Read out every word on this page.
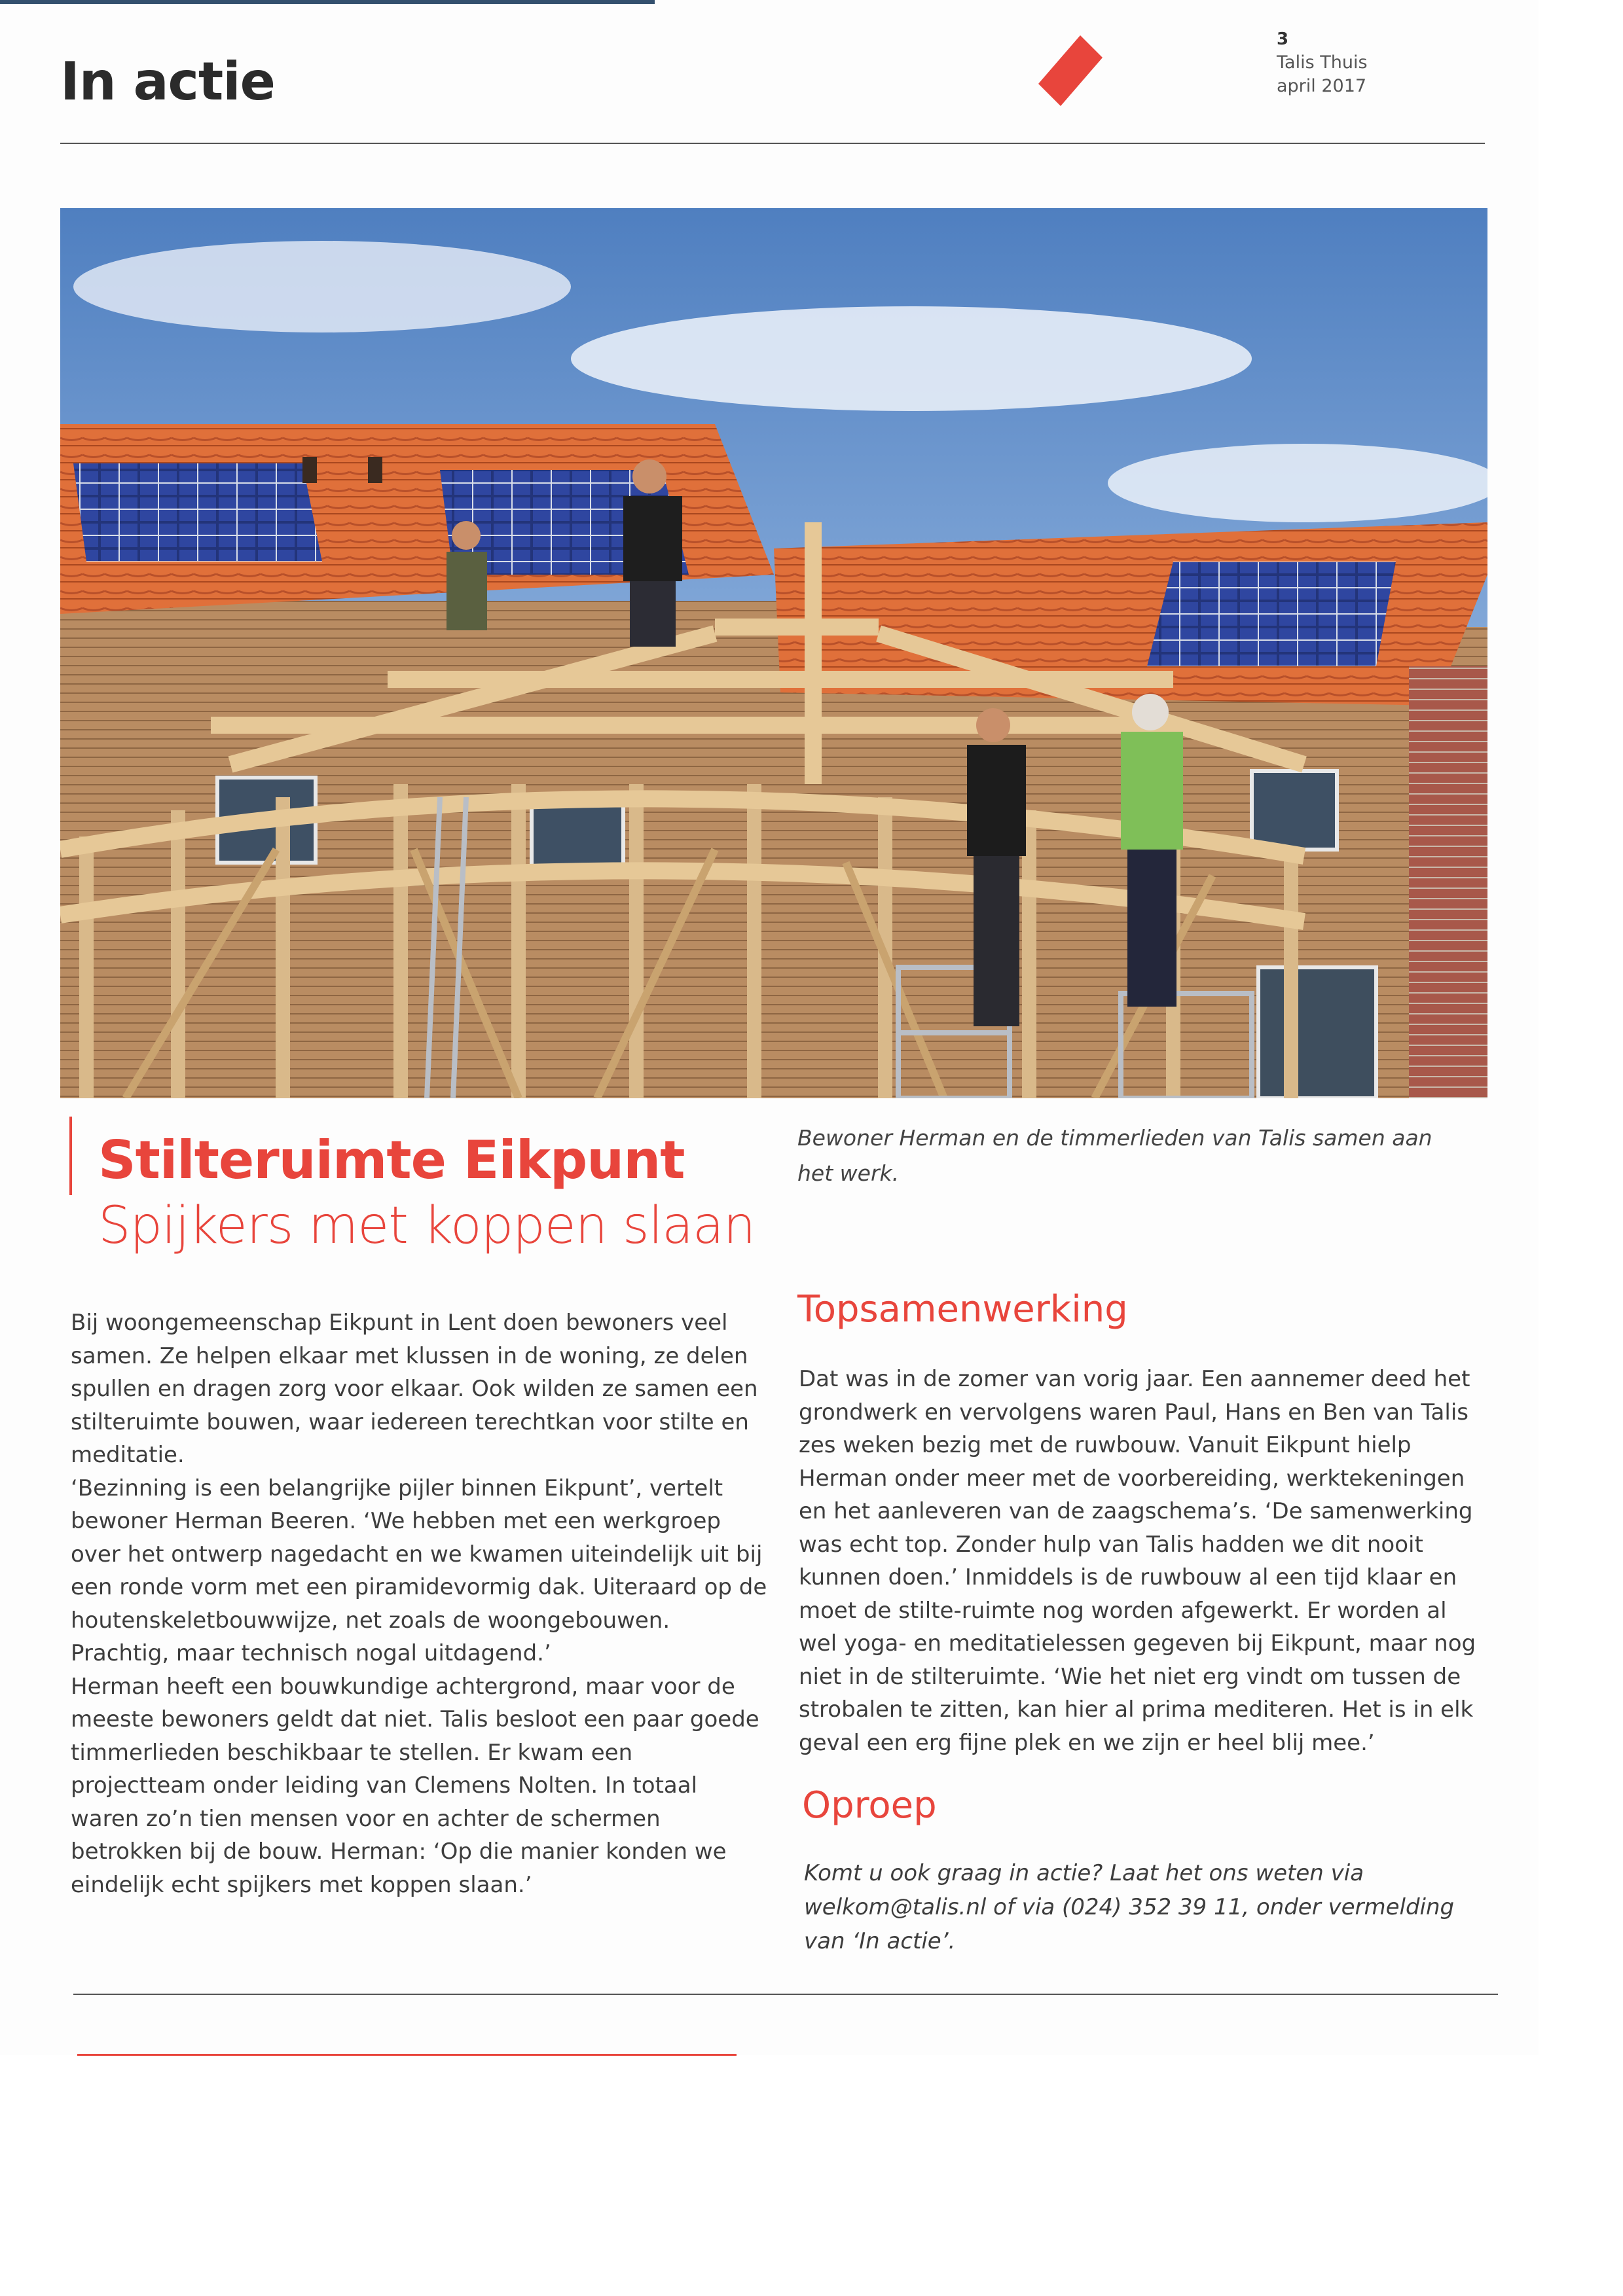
In actie
3
Talis Thuis
april 2017
Stilteruimte Eikpunt
Spijkers met koppen slaan
Bewoner Herman en de timmerlieden van Talis samen aan het werk.

Bij woongemeenschap Eikpunt in Lent doen bewoners veel samen. Ze helpen elkaar met klussen in de woning, ze delen spullen en dragen zorg voor elkaar. Ook wilden ze samen een stilteruimte bouwen, waar iedereen terechtkan voor stilte en meditatie.

‘Bezinning is een belangrijke pijler binnen Eikpunt’, vertelt bewoner Herman Beeren. ‘We hebben met een werkgroep over het ontwerp nagedacht en we kwamen uiteindelijk uit bij een ronde vorm met een piramidevormig dak. Uiteraard op de houtenskeletbouwwijze, net zoals de woongebouwen. Prachtig, maar technisch nogal uitdagend.’

Herman heeft een bouwkundige achtergrond, maar voor de meeste bewoners geldt dat niet. Talis besloot een paar goede timmerlieden beschikbaar te stellen. Er kwam een projectteam onder leiding van Clemens Nolten. In totaal waren zo’n tien mensen voor en achter de schermen betrokken bij de bouw. Herman: ‘Op die manier konden we eindelijk echt spijkers met koppen slaan.’

Topsamenwerking

Dat was in de zomer van vorig jaar. Een aannemer deed het grondwerk en vervolgens waren Paul, Hans en Ben van Talis zes weken bezig met de ruwbouw. Vanuit Eikpunt hielp Herman onder meer met de voorbereiding, werktekeningen en het aanleveren van de zaagschema’s. ‘De samenwerking was echt top. Zonder hulp van Talis hadden we dit nooit kunnen doen.’ Inmiddels is de ruwbouw al een tijd klaar en moet de stilte-ruimte nog worden afgewerkt. Er worden al wel yoga- en meditatielessen gegeven bij Eikpunt, maar nog niet in de stilteruimte. ‘Wie het niet erg vindt om tussen de strobalen te zitten, kan hier al prima mediteren. Het is in elk geval een erg fijne plek en we zijn er heel blij mee.’

Oproep
Komt u ook graag in actie? Laat het ons weten via welkom@talis.nl of via (024) 352 39 11, onder vermelding van ‘In actie’.
